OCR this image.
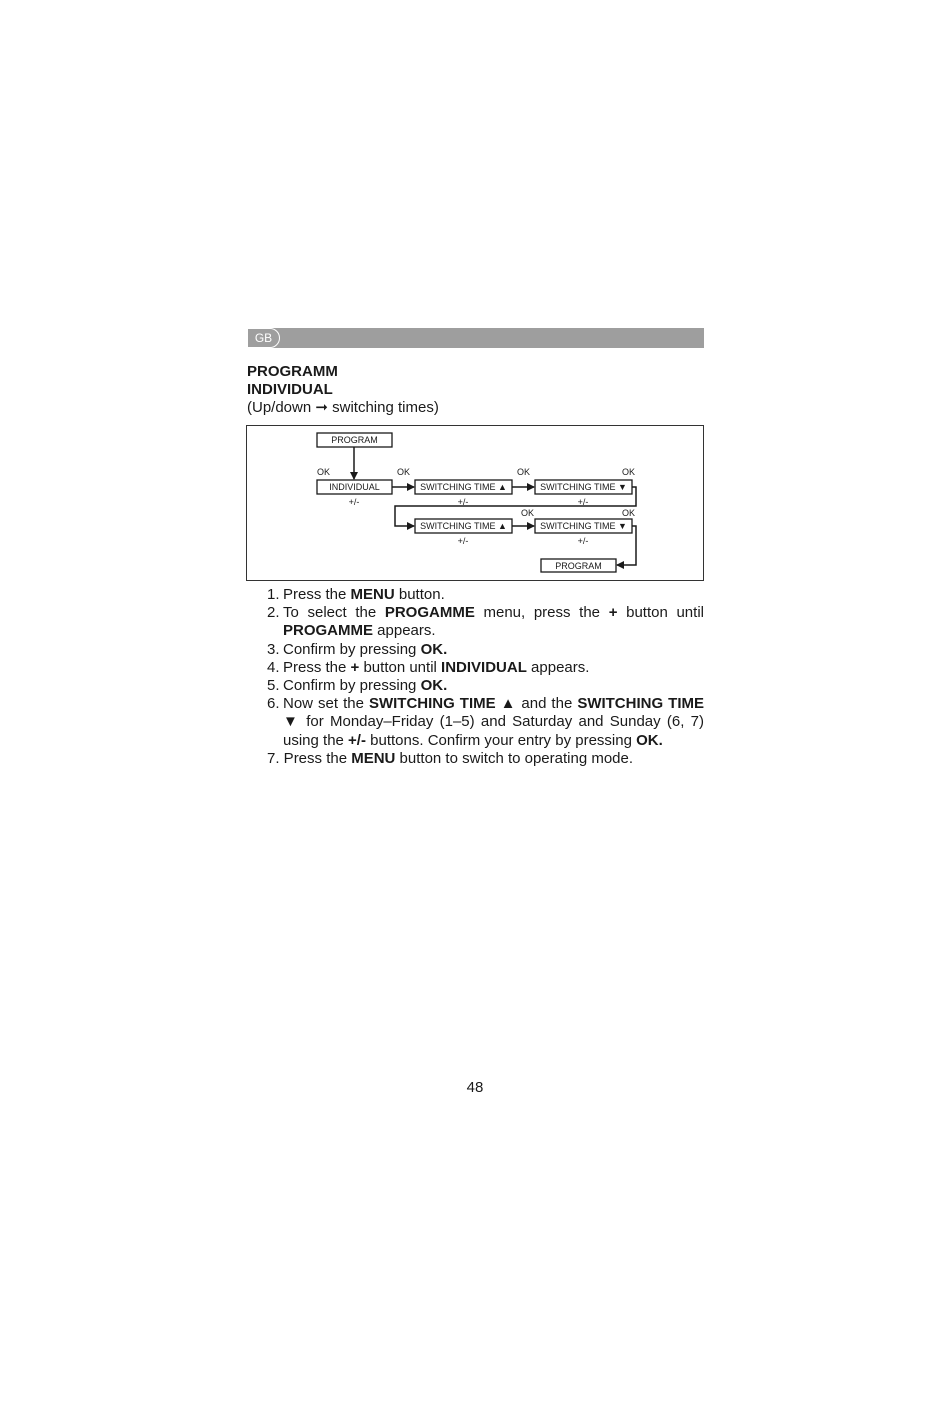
GB
PROGRAMM
INDIVIDUAL
(Up/down ➞ switching times)
PROGRAM
INDIVIDUAL	SWITCHING TIME ▲	SWITCHING TIME ▼
SWITCHING TIME ▲	SWITCHING TIME ▼
PROGRAM
OK	OK	OK	OK
OK	OK
+/-	+/-	+/-
+/-	+/-
1. Press the MENU button.
2. To select the PROGAMME menu, press the + button until PROGAMME appears.
3. Confirm by pressing OK.
4. Press the + button until INDIVIDUAL appears.
5. Confirm by pressing OK.
6. Now set the SWITCHING TIME ▲ and the SWITCHING TIME ▼ for Monday–Friday (1–5) and Saturday and Sunday (6, 7) using the +/- buttons. Confirm your entry by pressing OK.
7. Press the MENU button to switch to operating mode.
48
